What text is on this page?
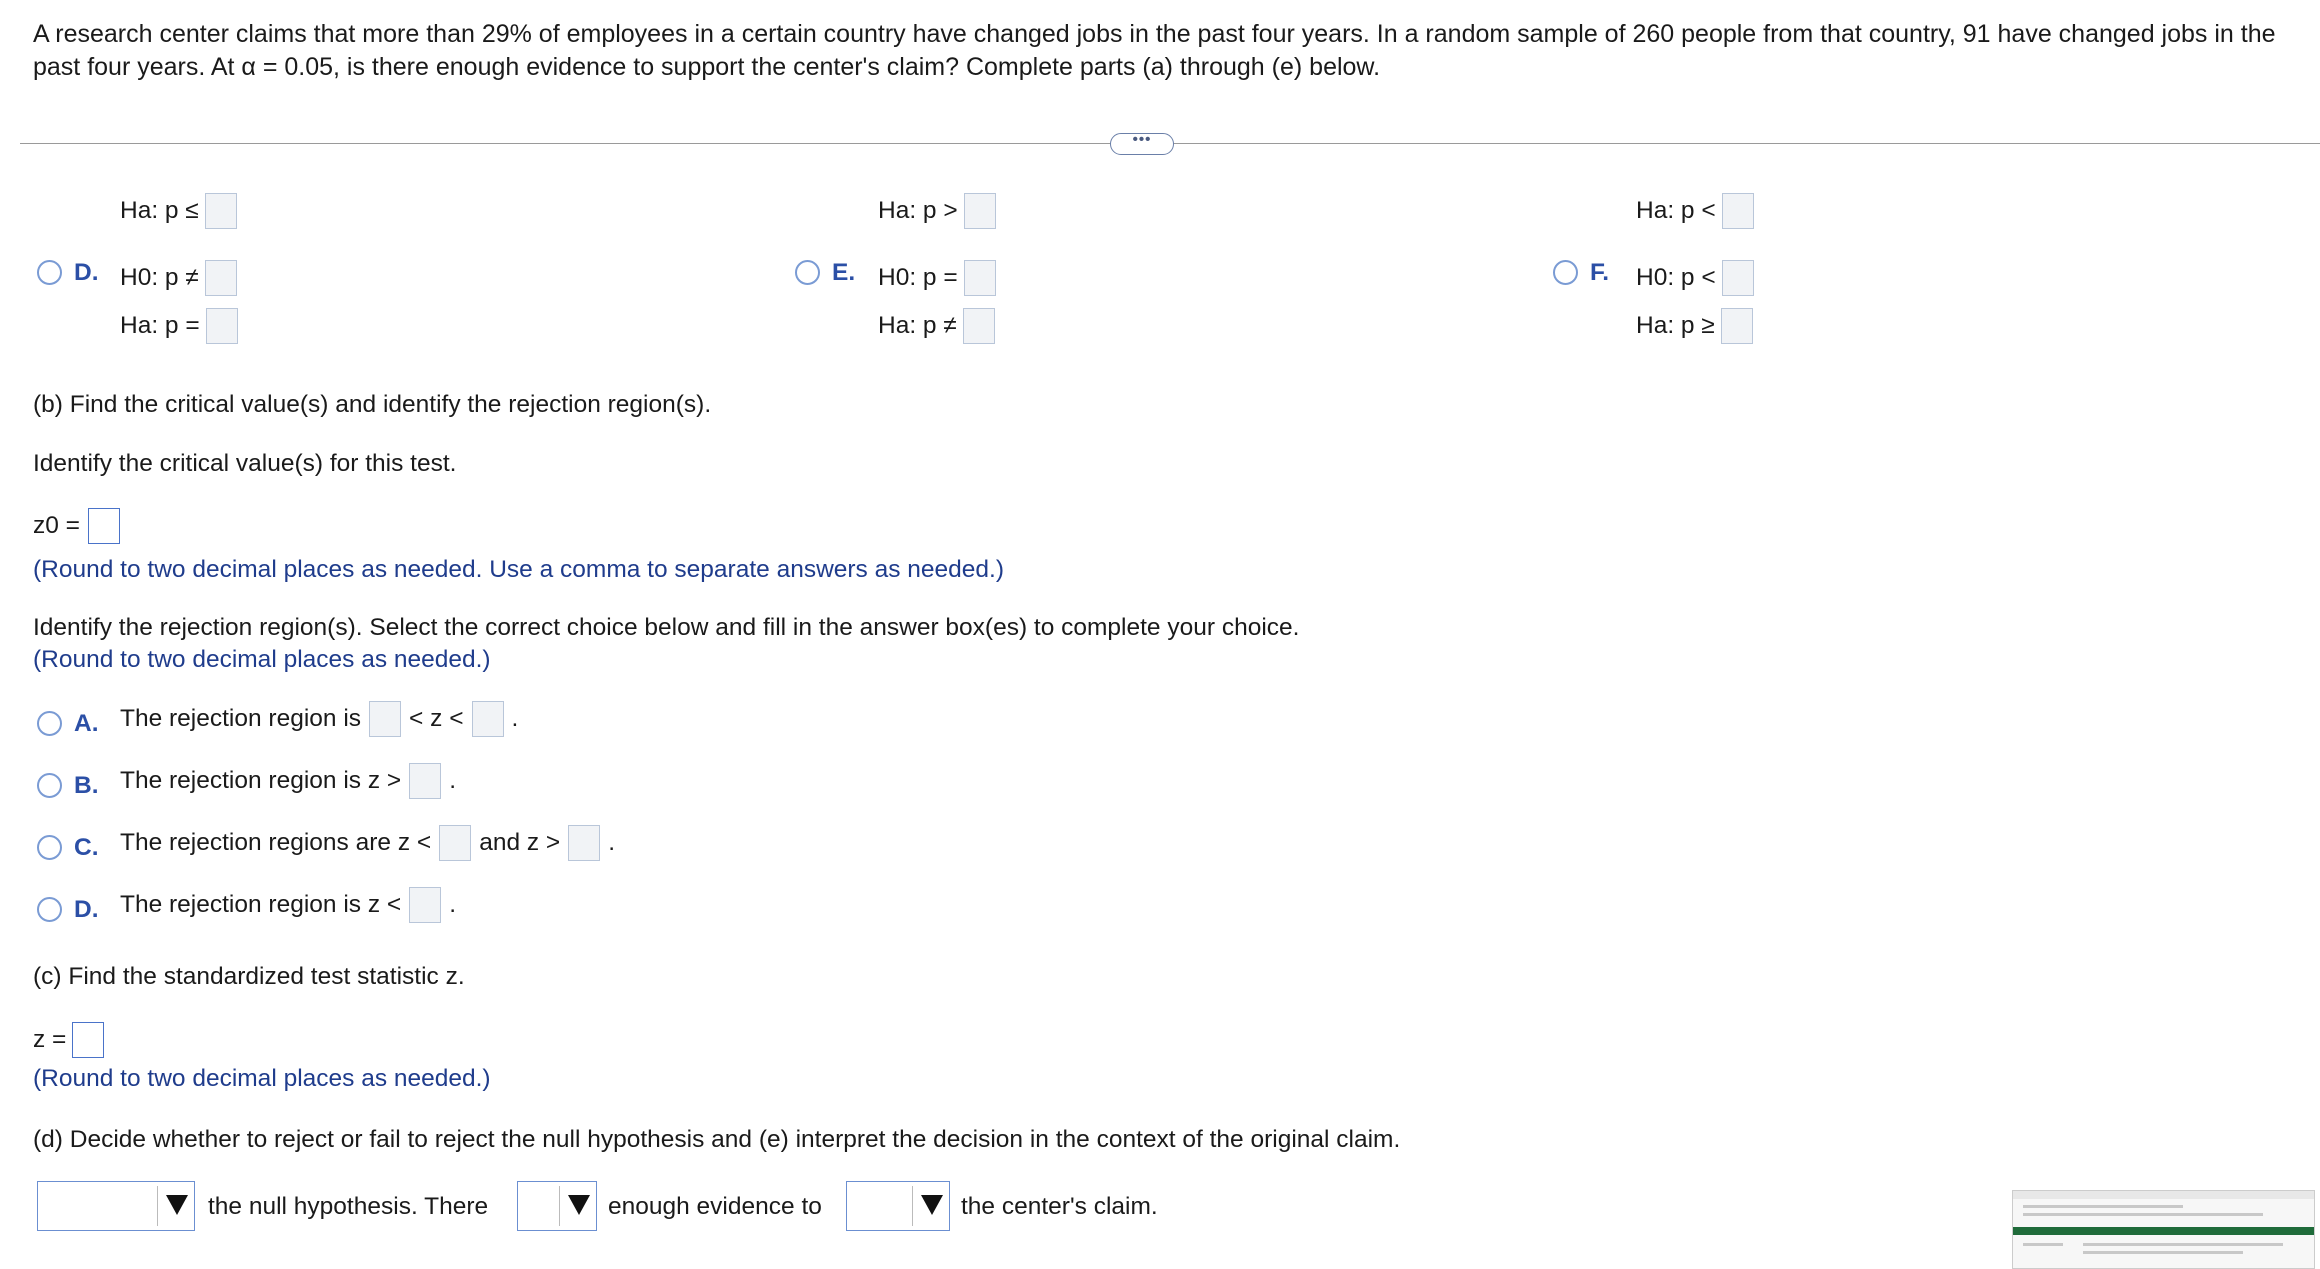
A research center claims that more than 29% of employees in a certain country have changed jobs in the past four years. In a random sample of 260 people from that country, 91 have changed jobs in the past four years. At α = 0.05, is there enough evidence to support the center's claim? Complete parts (a) through (e) below.
•••
Ha: p ≤	Ha: p >	Ha: p <
D. H0: p ≠
Ha: p =
E. H0: p =
Ha: p ≠
F. H0: p <
Ha: p ≥
(b) Find the critical value(s) and identify the rejection region(s).
Identify the critical value(s) for this test.
z0 =
(Round to two decimal places as needed. Use a comma to separate answers as needed.)
Identify the rejection region(s). Select the correct choice below and fill in the answer box(es) to complete your choice.
(Round to two decimal places as needed.)
A. The rejection region is < z < .
B. The rejection region is z > .
C. The rejection regions are z < and z > .
D. The rejection region is z < .
(c) Find the standardized test statistic z.
z =
(Round to two decimal places as needed.)
(d) Decide whether to reject or fail to reject the null hypothesis and (e) interpret the decision in the context of the original claim.
the null hypothesis. There	enough evidence to	the center's claim.
